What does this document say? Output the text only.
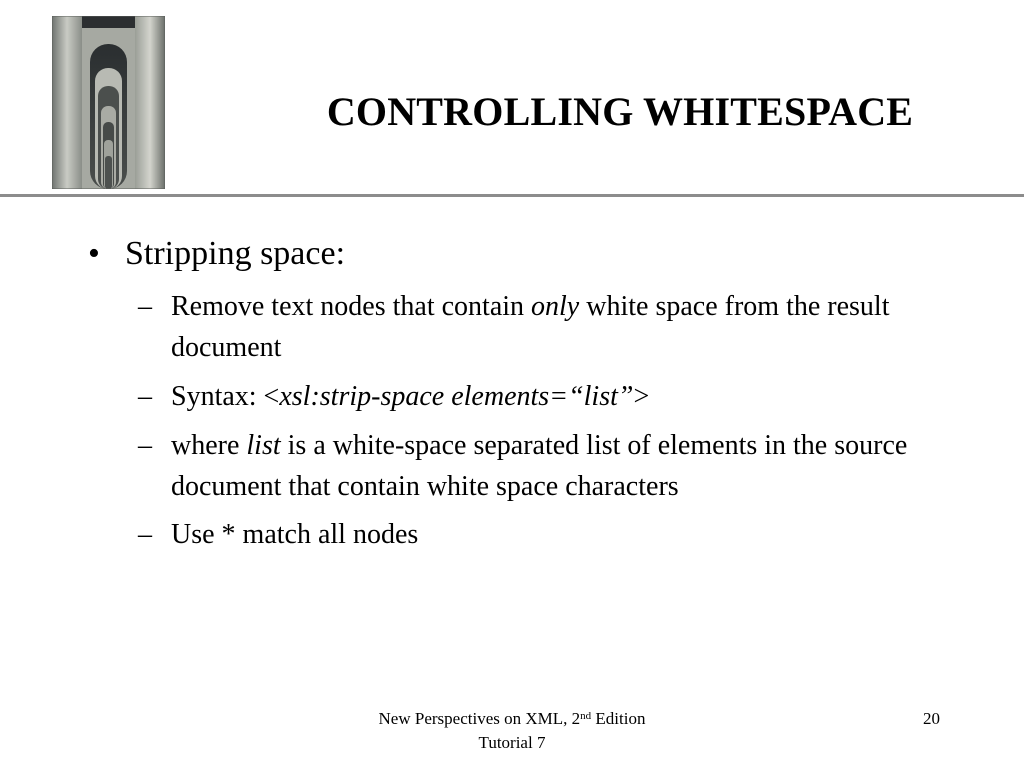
CONTROLLING WHITESPACE
• Stripping space:
– Remove text nodes that contain only white space from the result document
– Syntax: <xsl:strip-space elements=“list”>
– where list is a white-space separated list of elements in the source document that contain white space characters
– Use * match all nodes
New Perspectives on XML, 2nd Edition
Tutorial 7
20
